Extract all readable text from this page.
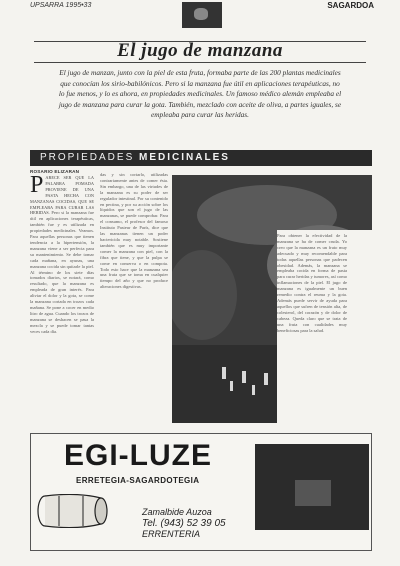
UPSARRA 1995•33	SAGARDOA
El jugo de manzana

El jugo de manzan, junto con la piel de esta fruta, formaba parte de las 200 plantas medicinales que conocían los sirio-babilónicos. Pero si la manzana fue útil en aplicaciones terapéuticas, no lo fue menos, y lo es ahora, en propiedades medicinales. Un famoso médico alemán empleaba el jugo de manzana para curar la gota. También, mezclado con aceite de oliva, a partes iguales, se empleaba para curar las heridas.

PROPIEDADES MEDICINALES
ROSARIO ELIZARAN
P ARECE SER QUE LA PALABRA POMADA PROVIENE DE UNA PASTA HECHA CON MANZANAS COCIDAS, QUE SE EMPLEABA PARA CURAR LAS HERIDAS. Pero si la manzana fue útil en aplicaciones terapéuticas, también fue y es utilizada en propiedades medicinales. Veamos. Para aquellas personas que tienen tendencia a la hipertensión, la manzana viene a ser perfecta para su mantenimiento. Se debe tomar cada mañana, en ayunas, una manzana cocida sin quitarle la piel. Al término de los siete días tomados diarios, se notará, como resultado, que la manzana es empleada de gran interés. Para aliviar el dolor y la gota, se come la manzana cortada en trozos cada mañana. Se pone a cocer en medio litro de agua. Cuando los trozos de manzana se deshacen se pasa la mezcla y se puede tomar tantas veces cada día.
das y sin cortarlo, utilizadas contrariamente antes de comer ésta. Sin embargo, una de las virtudes de la manzana es su poder de ser regulador intestinal. Por su contenido en pectina, y por su acción sobre los líquidos que son el jugo de las manzanas, se puede comprobar. Para el consumo, el profesor del famoso Instituto Pasteur de París, dice que las manzanas tienen un poder bactericida muy notable. Sostiene también que es muy importante comer la manzana con piel, con la fibra que tiene, y que la pulpa se come en conserva o en compota. Todo esto hace que la manzana sea una fruta que se toma en cualquier tiempo del año y que no produce alteraciones digestivas.
Para obtener la efectividad de la manzana se ha de comer cruda. Yo creo que la manzana es un fruto muy adecuado y muy recomendable para todas aquellas personas que padecen obesidad. Además, la manzana se empleaba cocida en forma de pasta para curar heridas y tumores, así como inflamaciones de la piel. El jugo de manzana es igualmente un buen remedio contra el reuma y la gota. Además puede servir de ayuda para aquellos que sufren de tensión alta, de colesterol, del corazón y de dolor de cabeza. Queda claro que se trata de una fruta con cualidades muy beneficiosas para la salud.
EGI-LUZE
ERRETEGIA-SAGARDOTEGIA
Zamalbide Auzoa
Tel. (943) 52 39 05
ERRENTERIA
